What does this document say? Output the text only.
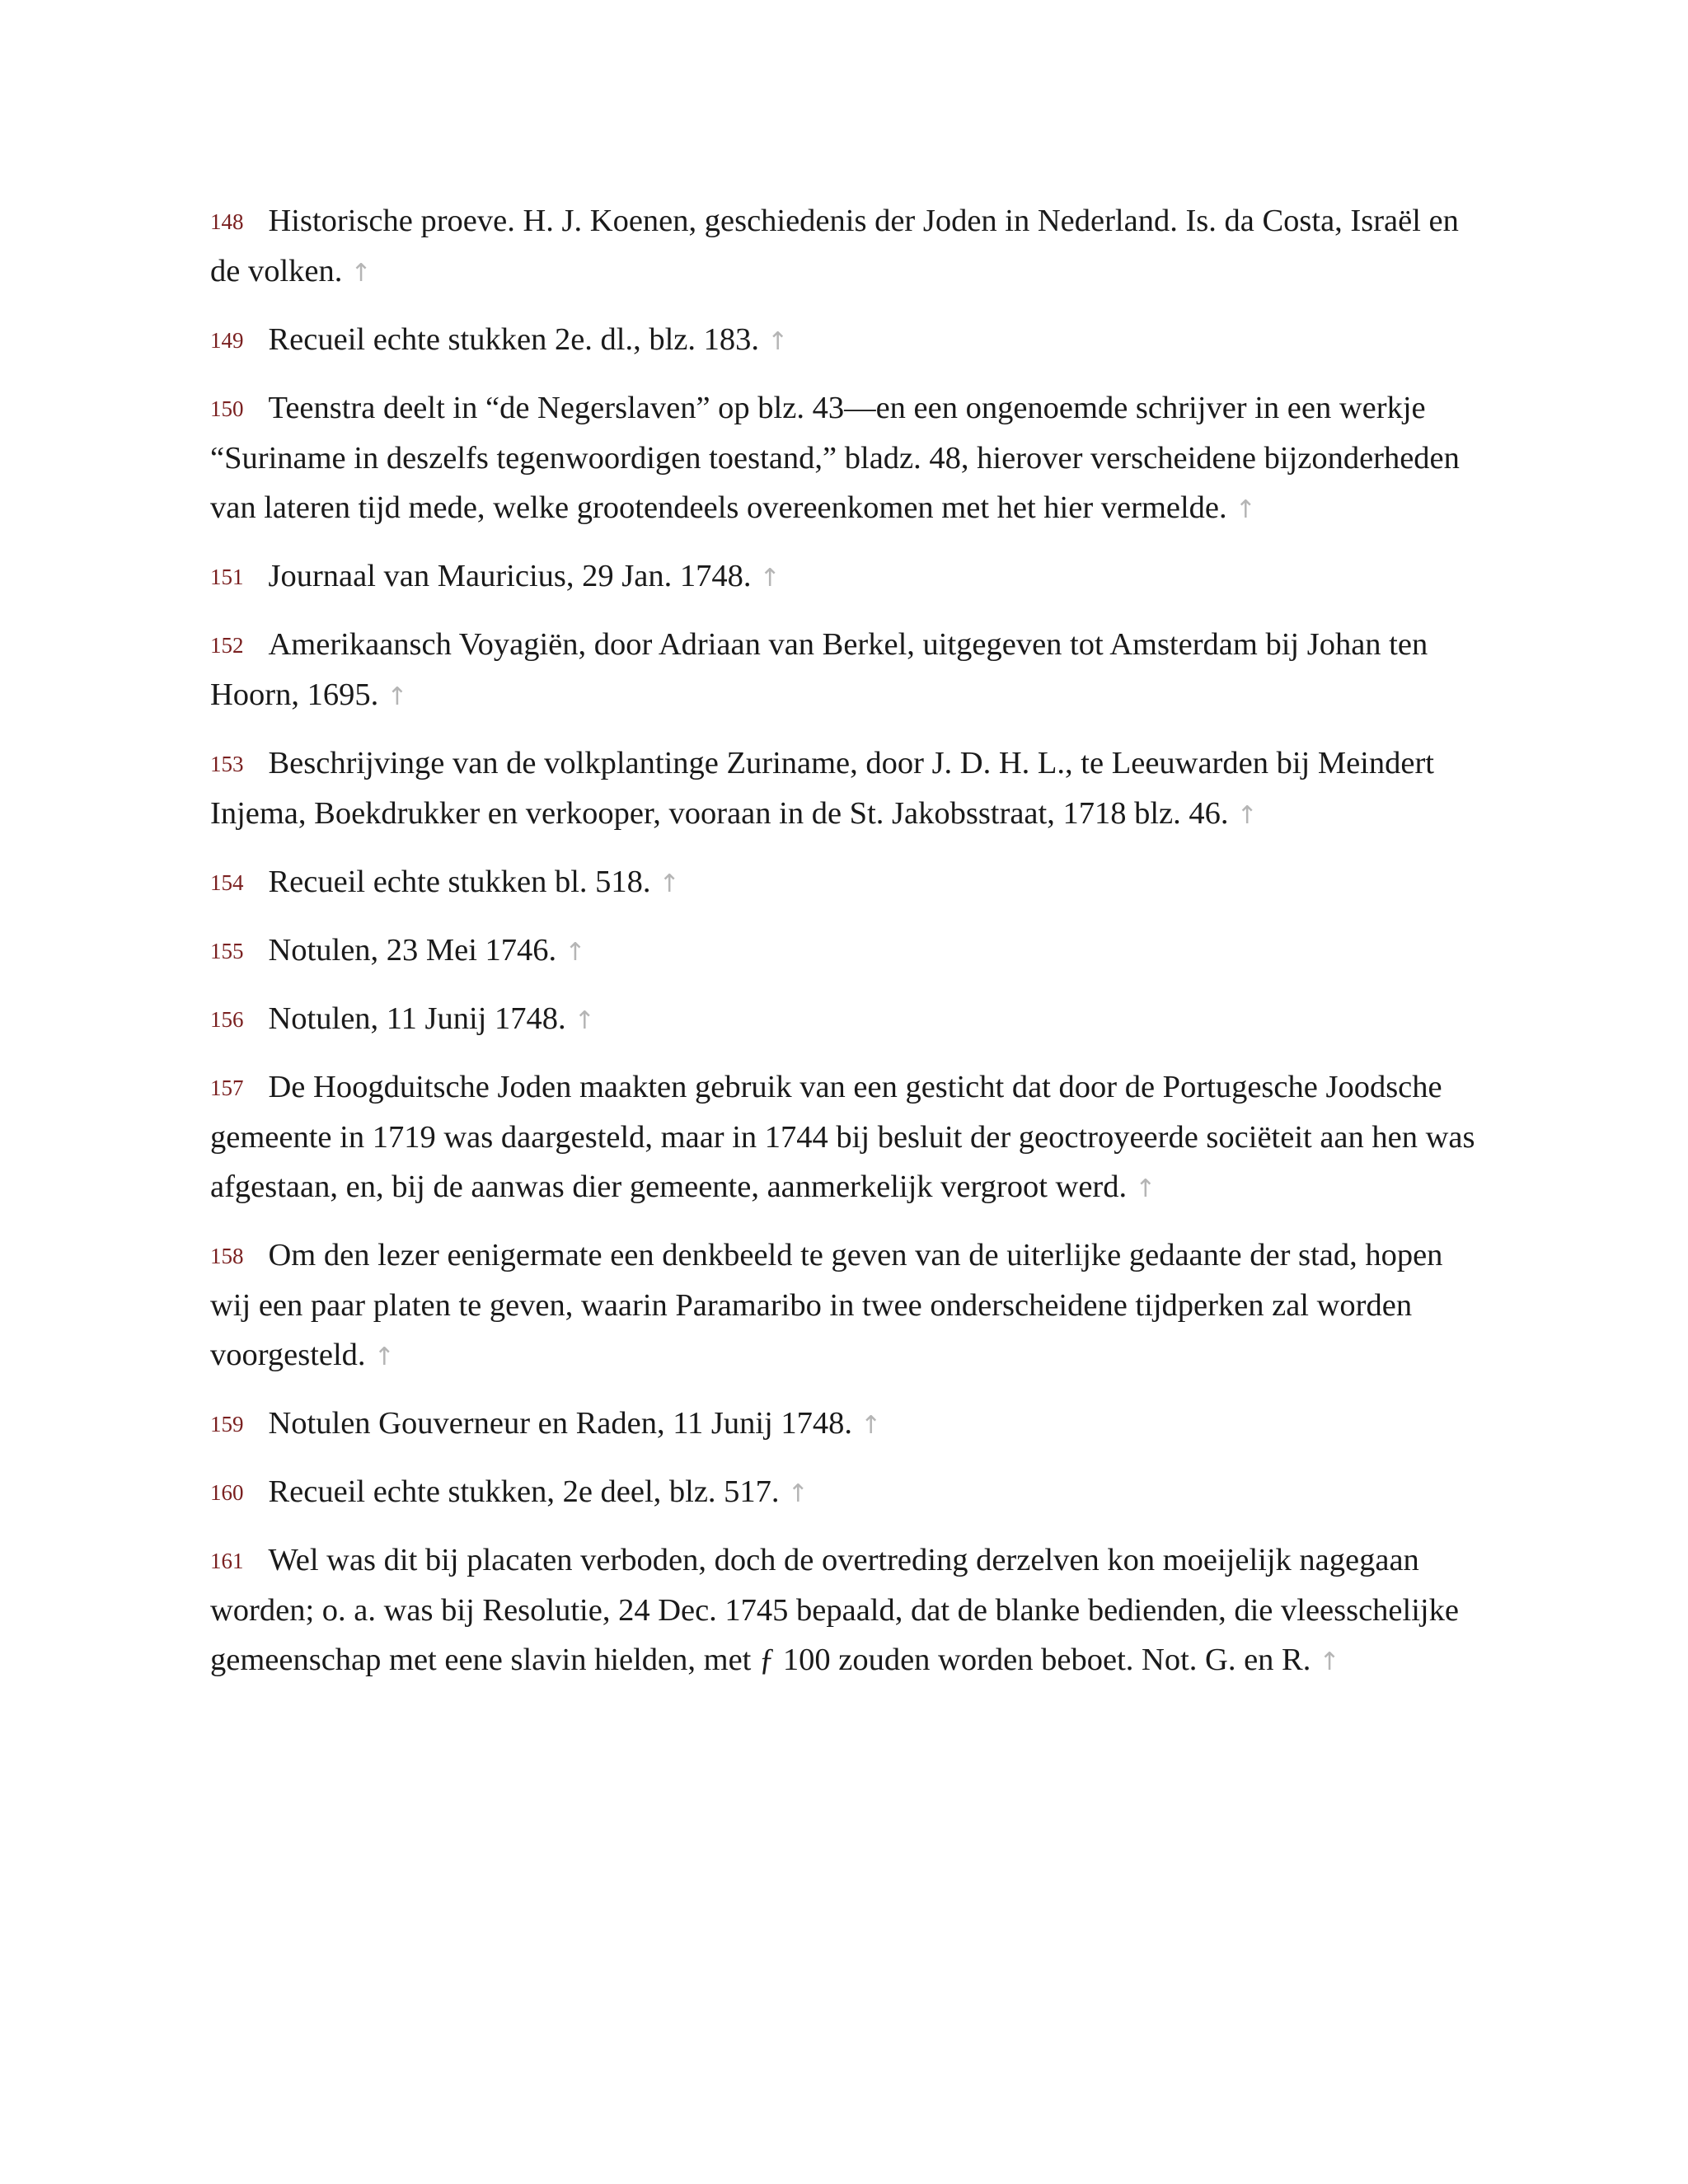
148 Historische proeve. H. J. Koenen, geschiedenis der Joden in Nederland. Is. da Costa, Israël en de volken. ↑

149 Recueil echte stukken 2e. dl., blz. 183. ↑

150 Teenstra deelt in “de Negerslaven” op blz. 43—en een ongenoemde schrijver in een werkje “Suriname in deszelfs tegenwoordigen toestand,” bladz. 48, hierover verscheidene bijzonderheden van lateren tijd mede, welke grootendeels overeenkomen met het hier vermelde. ↑

151 Journaal van Mauricius, 29 Jan. 1748. ↑

152 Amerikaansch Voyagiën, door Adriaan van Berkel, uitgegeven tot Amsterdam bij Johan ten Hoorn, 1695. ↑

153 Beschrijvinge van de volkplantinge Zuriname, door J. D. H. L., te Leeuwarden bij Meindert Injema, Boekdrukker en verkooper, vooraan in de St. Jakobsstraat, 1718 blz. 46. ↑

154 Recueil echte stukken bl. 518. ↑

155 Notulen, 23 Mei 1746. ↑

156 Notulen, 11 Junij 1748. ↑

157 De Hoogduitsche Joden maakten gebruik van een gesticht dat door de Portugesche Joodsche gemeente in 1719 was daargesteld, maar in 1744 bij besluit der geoctroyeerde sociëteit aan hen was afgestaan, en, bij de aanwas dier gemeente, aanmerkelijk vergroot werd. ↑

158 Om den lezer eenigermate een denkbeeld te geven van de uiterlijke gedaante der stad, hopen wij een paar platen te geven, waarin Paramaribo in twee onderscheidene tijdperken zal worden voorgesteld. ↑

159 Notulen Gouverneur en Raden, 11 Junij 1748. ↑

160 Recueil echte stukken, 2e deel, blz. 517. ↑

161 Wel was dit bij placaten verboden, doch de overtreding derzelven kon moeijelijk nagegaan worden; o. a. was bij Resolutie, 24 Dec. 1745 bepaald, dat de blanke bedienden, die vleesschelijke gemeenschap met eene slavin hielden, met ƒ 100 zouden worden beboet. Not. G. en R. ↑
